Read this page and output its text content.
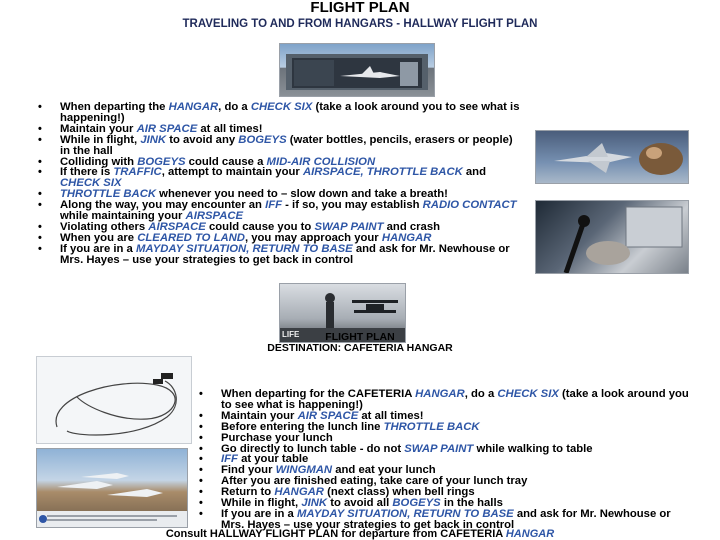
FLIGHT PLAN
TRAVELING TO AND FROM HANGARS - HALLWAY FLIGHT PLAN
• When departing the HANGAR, do a CHECK SIX (take a look around you to see what is happening!)
• Maintain your AIR SPACE at all times!
• While in flight, JINK to avoid any BOGEYS (water bottles, pencils, erasers or people) in the hall
• Colliding with BOGEYS could cause a MID-AIR COLLISION
• If there is TRAFFIC, attempt to maintain your AIRSPACE, THROTTLE BACK and CHECK SIX
• THROTTLE BACK whenever you need to – slow down and take a breath!
• Along the way, you may encounter an IFF - if so, you may establish RADIO CONTACT while maintaining your AIRSPACE
• Violating others AIRSPACE could cause you to SWAP PAINT and crash
• When you are CLEARED TO LAND, you may approach your HANGAR
• If you are in a MAYDAY SITUATION, RETURN TO BASE and ask for Mr. Newhouse or Mrs. Hayes – use your strategies to get back in control
LIFE	FLIGHT PLAN
DESTINATION: CAFETERIA HANGAR
• When departing for the CAFETERIA HANGAR, do a CHECK SIX (take a look around you to see what is happening!)
• Maintain your AIR SPACE at all times!
• Before entering the lunch line THROTTLE BACK
• Purchase your lunch
• Go directly to lunch table - do not SWAP PAINT while walking to table
• IFF at your table
• Find your WINGMAN and eat your lunch
• After you are finished eating, take care of your lunch tray
• Return to HANGAR (next class) when bell rings
• While in flight, JINK to avoid all BOGEYS in the halls
• If you are in a MAYDAY SITUATION, RETURN TO BASE and ask for Mr. Newhouse or Mrs. Hayes – use your strategies to get back in control
Consult HALLWAY FLIGHT PLAN for departure from CAFETERIA HANGAR
